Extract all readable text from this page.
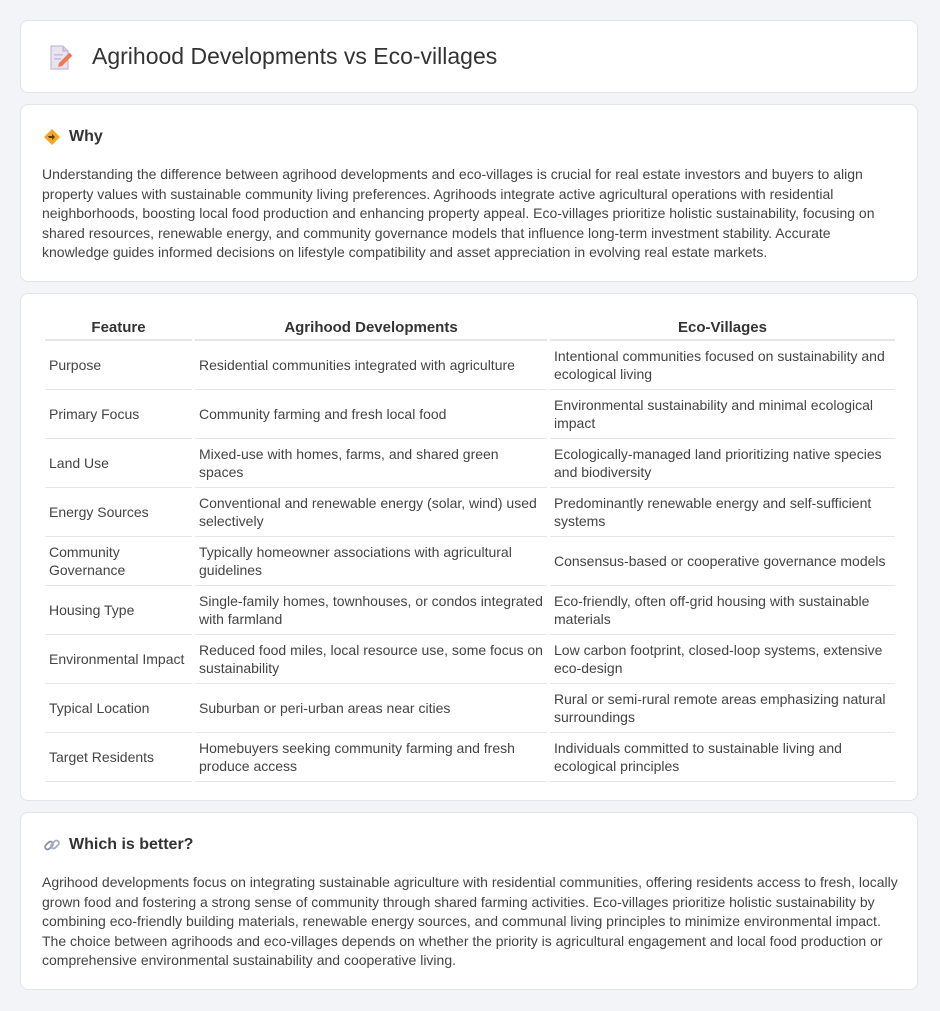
Agrihood Developments vs Eco-villages
Why

Understanding the difference between agrihood developments and eco-villages is crucial for real estate investors and buyers to align property values with sustainable community living preferences. Agrihoods integrate active agricultural operations with residential neighborhoods, boosting local food production and enhancing property appeal. Eco-villages prioritize holistic sustainability, focusing on shared resources, renewable energy, and community governance models that influence long-term investment stability. Accurate knowledge guides informed decisions on lifestyle compatibility and asset appreciation in evolving real estate markets.

Feature	Agrihood Developments	Eco-Villages
Purpose	Residential communities integrated with agriculture	Intentional communities focused on sustainability and ecological living
Primary Focus	Community farming and fresh local food	Environmental sustainability and minimal ecological impact
Land Use	Mixed-use with homes, farms, and shared green spaces	Ecologically-managed land prioritizing native species and biodiversity
Energy Sources	Conventional and renewable energy (solar, wind) used selectively	Predominantly renewable energy and self-sufficient systems
Community Governance	Typically homeowner associations with agricultural guidelines	Consensus-based or cooperative governance models
Housing Type	Single-family homes, townhouses, or condos integrated with farmland	Eco-friendly, often off-grid housing with sustainable materials
Environmental Impact	Reduced food miles, local resource use, some focus on sustainability	Low carbon footprint, closed-loop systems, extensive eco-design
Typical Location	Suburban or peri-urban areas near cities	Rural or semi-rural remote areas emphasizing natural surroundings
Target Residents	Homebuyers seeking community farming and fresh produce access	Individuals committed to sustainable living and ecological principles
Which is better?

Agrihood developments focus on integrating sustainable agriculture with residential communities, offering residents access to fresh, locally grown food and fostering a strong sense of community through shared farming activities. Eco-villages prioritize holistic sustainability by combining eco-friendly building materials, renewable energy sources, and communal living principles to minimize environmental impact. The choice between agrihoods and eco-villages depends on whether the priority is agricultural engagement and local food production or comprehensive environmental sustainability and cooperative living.
